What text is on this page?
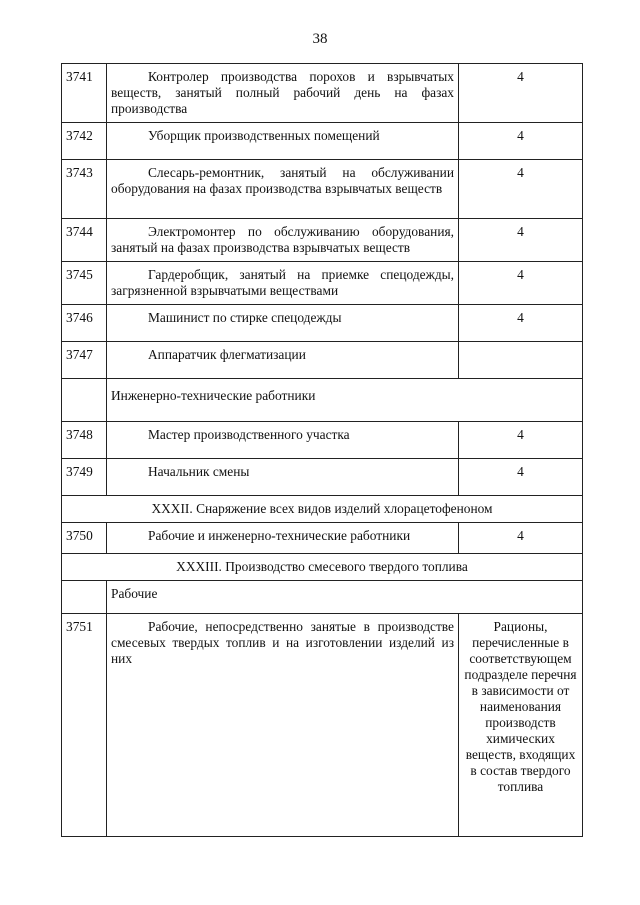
38
3741	Контролер производства порохов и взрывчатых веществ, занятый полный рабочий день на фазах производства	4
3742	Уборщик производственных помещений	4
3743	Слесарь-ремонтник, занятый на обслуживании оборудования на фазах производства взрывчатых веществ	4
3744	Электромонтер по обслуживанию оборудования, занятый на фазах производства взрывчатых веществ	4
3745	Гардеробщик, занятый на приемке спецодежды, загрязненной взрывчатыми веществами	4
3746	Машинист по стирке спецодежды	4
3747	Аппаратчик флегматизации	
	Инженерно-технические работники	
3748	Мастер производственного участка	4
3749	Начальник смены	4
XXXII. Снаряжение всех видов изделий хлорацетофеноном		
3750	Рабочие и инженерно-технические работники	4
XXXIII. Производство смесевого твердого топлива		
	Рабочие	
3751	Рабочие, непосредственно занятые в производстве смесевых твердых топлив и на изготовлении изделий из них	Рационы, перечисленные в соответствующем подразделе перечня в зависимости от наименования производств химических веществ, входящих в состав твердого топлива
